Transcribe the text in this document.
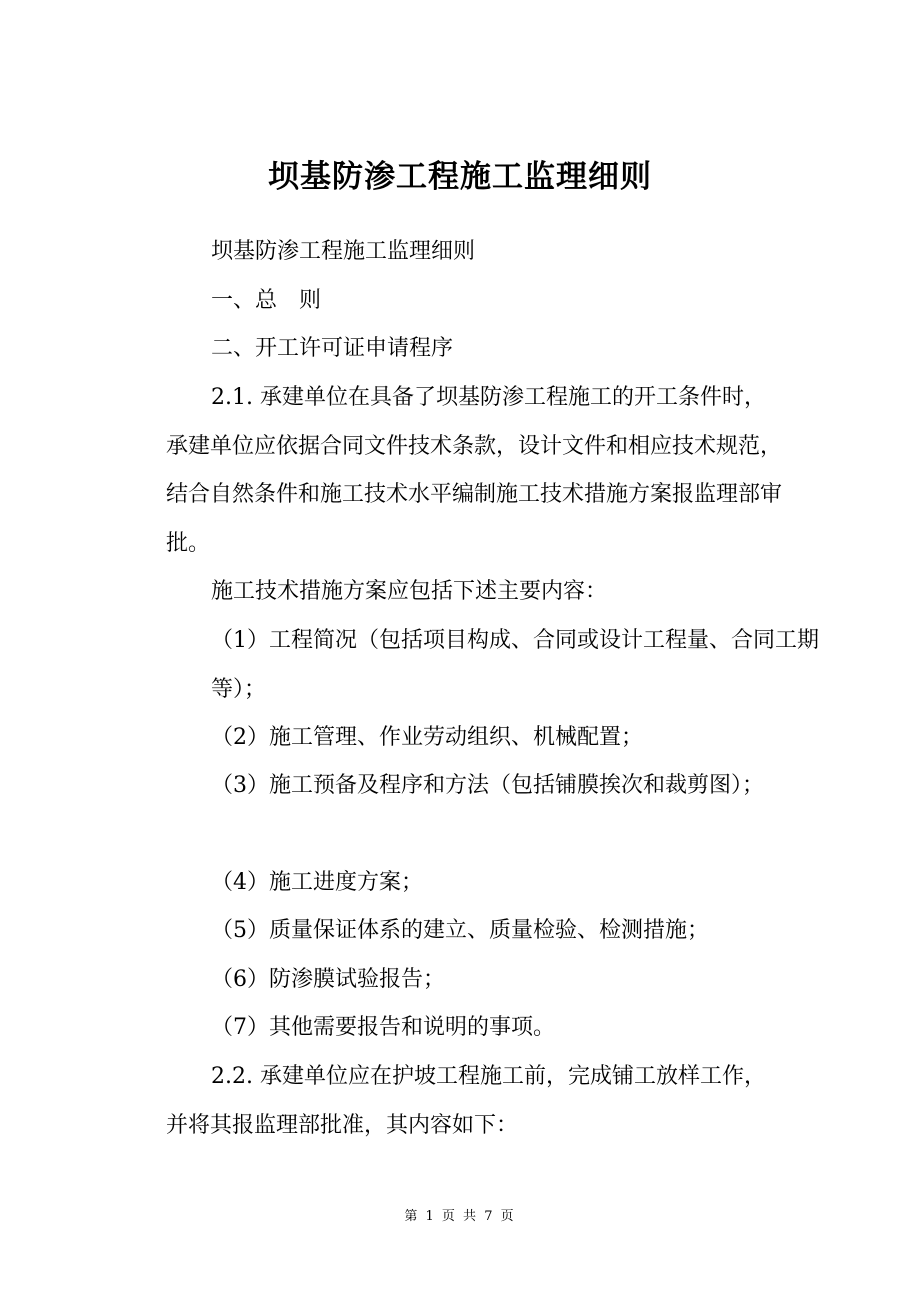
坝基防渗工程施工监理细则

坝基防渗工程施工监理细则

一、总　则

二、开工许可证申请程序

2.1. 承建单位在具备了坝基防渗工程施工的开工条件时，承建单位应依据合同文件技术条款，设计文件和相应技术规范，结合自然条件和施工技术水平编制施工技术措施方案报监理部审批。

施工技术措施方案应包括下述主要内容：

（1）工程简况（包括项目构成、合同或设计工程量、合同工期等）；

（2）施工管理、作业劳动组织、机械配置；

（3）施工预备及程序和方法（包括铺膜挨次和裁剪图）；

（4）施工进度方案；

（5）质量保证体系的建立、质量检验、检测措施；

（6）防渗膜试验报告；

（7）其他需要报告和说明的事项。

2.2. 承建单位应在护坡工程施工前，完成铺工放样工作，并将其报监理部批准，其内容如下：

第 1 页 共 7 页
